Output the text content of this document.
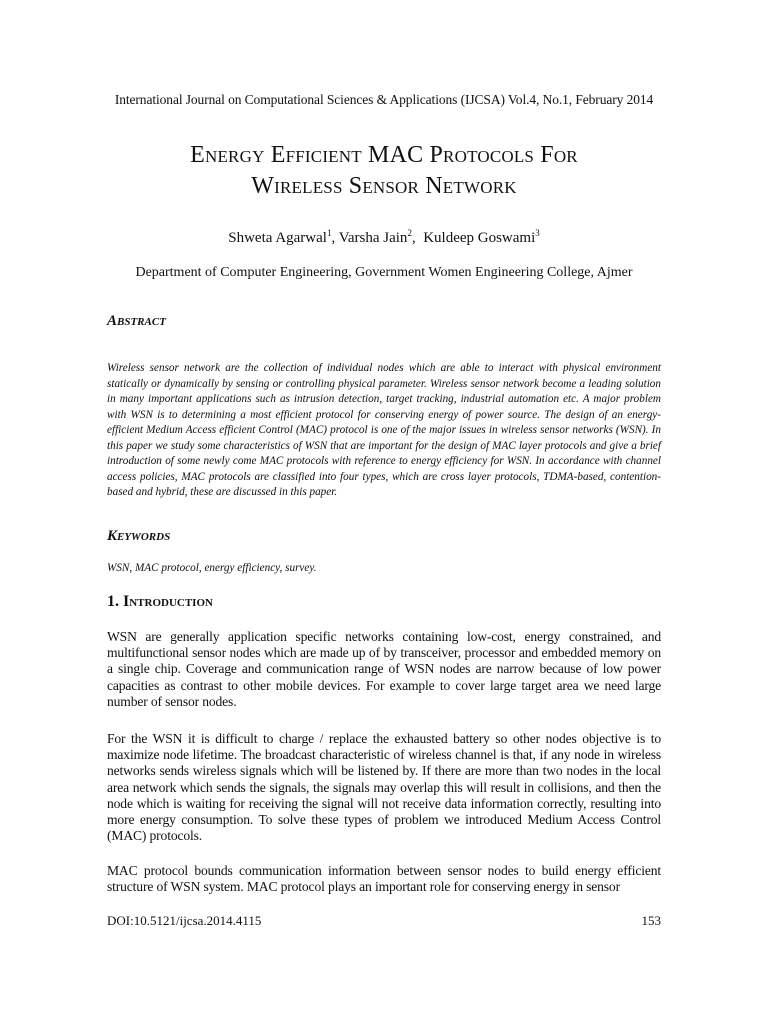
International Journal on Computational Sciences & Applications (IJCSA) Vol.4, No.1, February 2014
Energy Efficient MAC Protocols For
Wireless Sensor Network
Shweta Agarwal$^1$, Varsha Jain$^2$,  Kuldeep Goswami$^3$
Department of Computer Engineering, Government Women Engineering College, Ajmer
Abstract
Wireless sensor network are the collection of individual nodes which are able to interact with physical environment statically or dynamically by sensing or controlling physical parameter. Wireless sensor network become a leading solution in many important applications such as intrusion detection, target tracking, industrial automation etc. A major problem with WSN is to determining a most efficient protocol for conserving energy of power source. The design of an energy- efficient Medium Access efficient Control (MAC) protocol is one of the major issues in wireless sensor networks (WSN). In this paper we study some characteristics of WSN that are important for the design of MAC layer protocols and give a brief introduction of some newly come MAC protocols with reference to energy efficiency for WSN. In accordance with channel access policies, MAC protocols are classified into four types, which are cross layer protocols, TDMA-based, contention-based and hybrid, these are discussed in this paper.
Keywords
WSN, MAC protocol, energy efficiency, survey.
1. Introduction
WSN are generally application specific networks containing low-cost, energy constrained, and multifunctional sensor nodes which are made up of by transceiver, processor and embedded memory on a single chip. Coverage and communication range of WSN nodes are narrow because of low power capacities as contrast to other mobile devices. For example to cover large target area we need large number of sensor nodes.
For the WSN it is difficult to charge / replace the exhausted battery so other nodes objective is to maximize node lifetime. The broadcast characteristic of wireless channel is that, if any node in wireless networks sends wireless signals which will be listened by. If there are more than two nodes in the local area network which sends the signals, the signals may overlap this will result in collisions, and then the node which is waiting for receiving the signal will not receive data information correctly, resulting into more energy consumption. To solve these types of problem we introduced Medium Access Control (MAC) protocols.
MAC protocol bounds communication information between sensor nodes to build energy efficient structure of WSN system. MAC protocol plays an important role for conserving energy in sensor
DOI:10.5121/ijcsa.2014.4115	153
